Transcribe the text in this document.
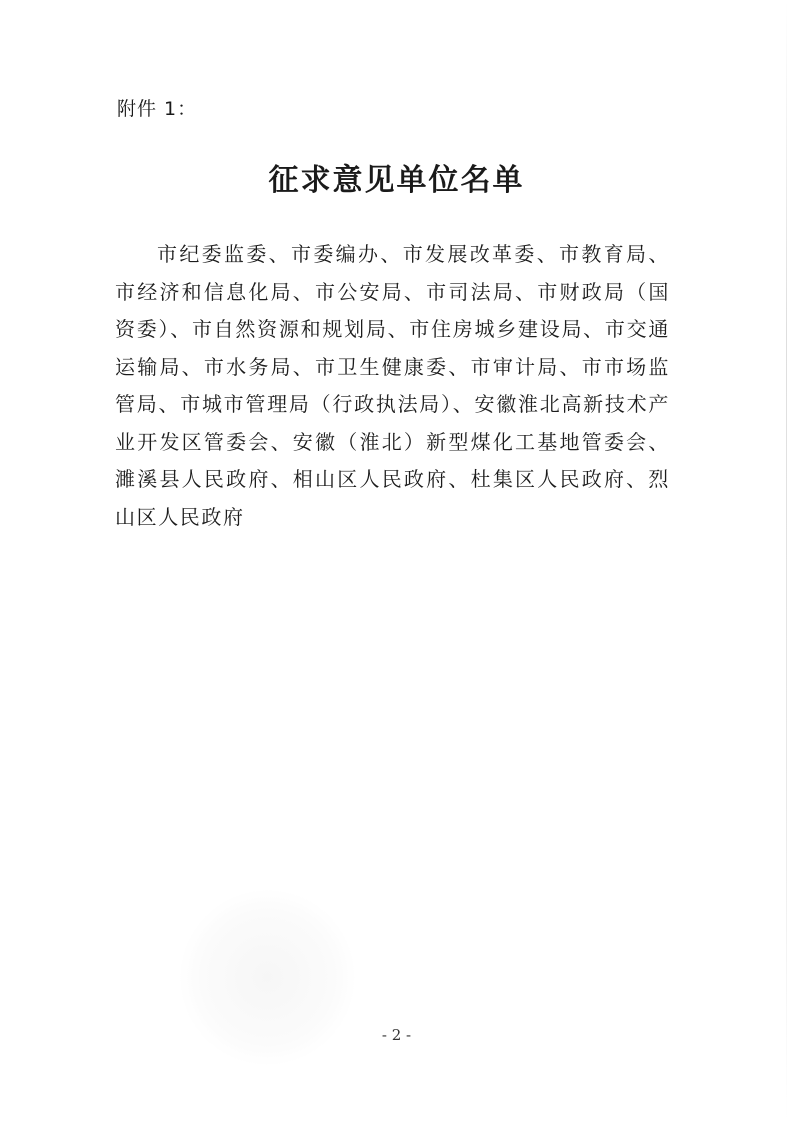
附件 1：
征求意见单位名单

市纪委监委、市委编办、市发展改革委、市教育局、市经济和信息化局、市公安局、市司法局、市财政局（国资委）、市自然资源和规划局、市住房城乡建设局、市交通运输局、市水务局、市卫生健康委、市审计局、市市场监管局、市城市管理局（行政执法局）、安徽淮北高新技术产业开发区管委会、安徽（淮北）新型煤化工基地管委会、濉溪县人民政府、相山区人民政府、杜集区人民政府、烈山区人民政府

- 2 -
